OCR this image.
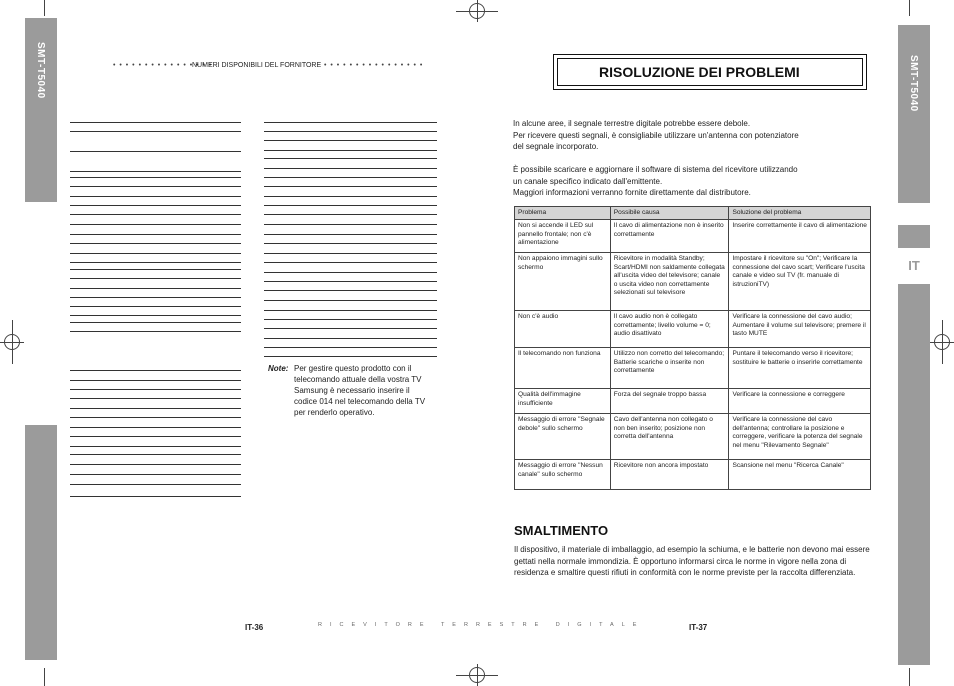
SMT-T5040	SMT-T5040
IT
• • • • • • • • • • • • • • • •
NUMERI DISPONIBILI DEL FORNITORE • • • • • • • • • • • • • • • •
Note: Per gestire questo prodotto con il telecomando attuale della vostra TV Samsung è necessario inserire il codice 014 nel telecomando della TV per renderlo operativo.
IT-36
RISOLUZIONE DEI PROBLEMI
In alcune aree, il segnale terrestre digitale potrebbe essere debole.
Per ricevere questi segnali, è consigliabile utilizzare un'antenna con potenziatore
del segnale incorporato.
È possibile scaricare e aggiornare il software di sistema del ricevitore utilizzando
un canale specifico indicato dall'emittente.
Maggiori informazioni verranno fornite direttamente dal distributore.
Problema	Possibile causa	Soluzione del problema
Non si accende il LED sul pannello frontale; non c'è alimentazione	Il cavo di alimentazione non è inserito correttamente	Inserire correttamente il cavo di alimentazione
Non appaiono immagini sullo schermo	Ricevitore in modalità Standby; Scart/HDMI non saldamente collegata all'uscita video del televisore; canale o uscita video non correttamente selezionati sul televisore	Impostare il ricevitore su "On"; Verificare la connessione del cavo scart; Verificare l'uscita canale e video sul TV (fr. manuale di istruzioniTV)
Non c'è audio	Il cavo audio non è collegato correttamente; livello volume = 0; audio disattivato	Verificare la connessione del cavo audio; Aumentare il volume sul televisore; premere il tasto MUTE
Il telecomando non funziona	Utilizzo non corretto del telecomando; Batterie scariche o inserite non correttamente	Puntare il telecomando verso il ricevitore; sostituire le batterie o inserirle correttamente
Qualità dell'immagine insufficiente	Forza del segnale troppo bassa	Verificare la connessione e correggere
Messaggio di errore "Segnale debole" sullo schermo	Cavo dell'antenna non collegato o non ben inserito; posizione non corretta dell'antenna	Verificare la connessione del cavo dell'antenna; controllare la posizione e correggere, verificare la potenza del segnale nel menu "Rilevamento Segnale"
Messaggio di errore "Nessun canale" sullo schermo	Ricevitore non ancora impostato	Scansione nel menu "Ricerca Canale"
SMALTIMENTO
Il dispositivo, il materiale di imballaggio, ad esempio la schiuma, e le batterie non devono mai essere gettati nella normale immondizia. È opportuno informarsi circa le norme in vigore nella zona di residenza e smaltire questi rifiuti in conformità con le norme previste per la raccolta differenziata.
IT-37
RICEVITORE TERRESTRE DIGITALE
